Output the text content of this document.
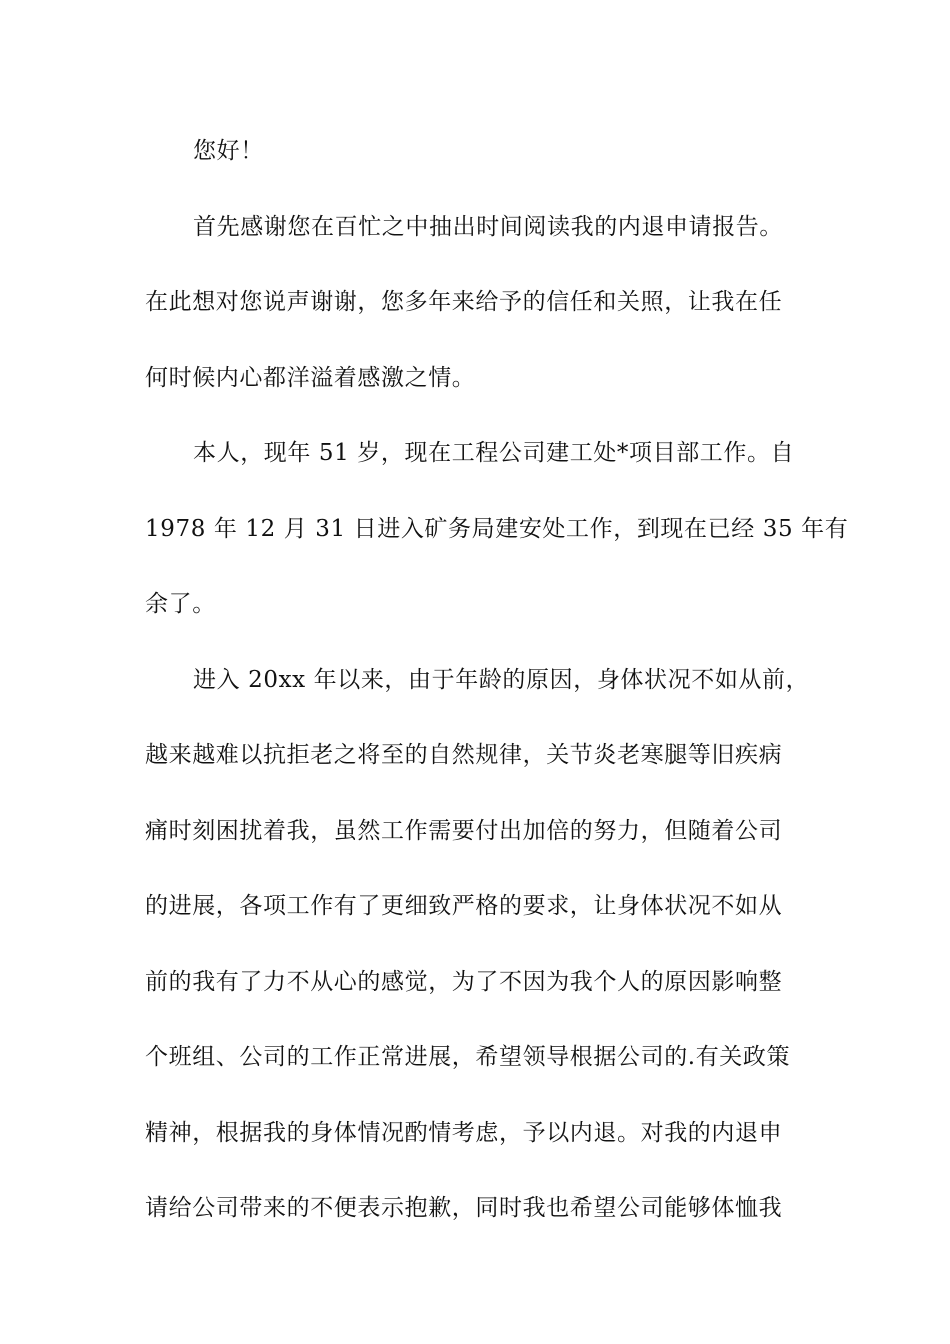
您好！
首先感谢您在百忙之中抽出时间阅读我的内退申请报告。
在此想对您说声谢谢，您多年来给予的信任和关照，让我在任
何时候内心都洋溢着感激之情。
本人，现年 51 岁，现在工程公司建工处*项目部工作。自
1978 年 12 月 31 日进入矿务局建安处工作，到现在已经 35 年有
余了。
进入 20xx 年以来，由于年龄的原因，身体状况不如从前，
越来越难以抗拒老之将至的自然规律，关节炎老寒腿等旧疾病
痛时刻困扰着我，虽然工作需要付出加倍的努力，但随着公司
的进展，各项工作有了更细致严格的要求，让身体状况不如从
前的我有了力不从心的感觉，为了不因为我个人的原因影响整
个班组、公司的工作正常进展，希望领导根据公司的.有关政策
精神，根据我的身体情况酌情考虑，予以内退。对我的内退申
请给公司带来的不便表示抱歉，同时我也希望公司能够体恤我
